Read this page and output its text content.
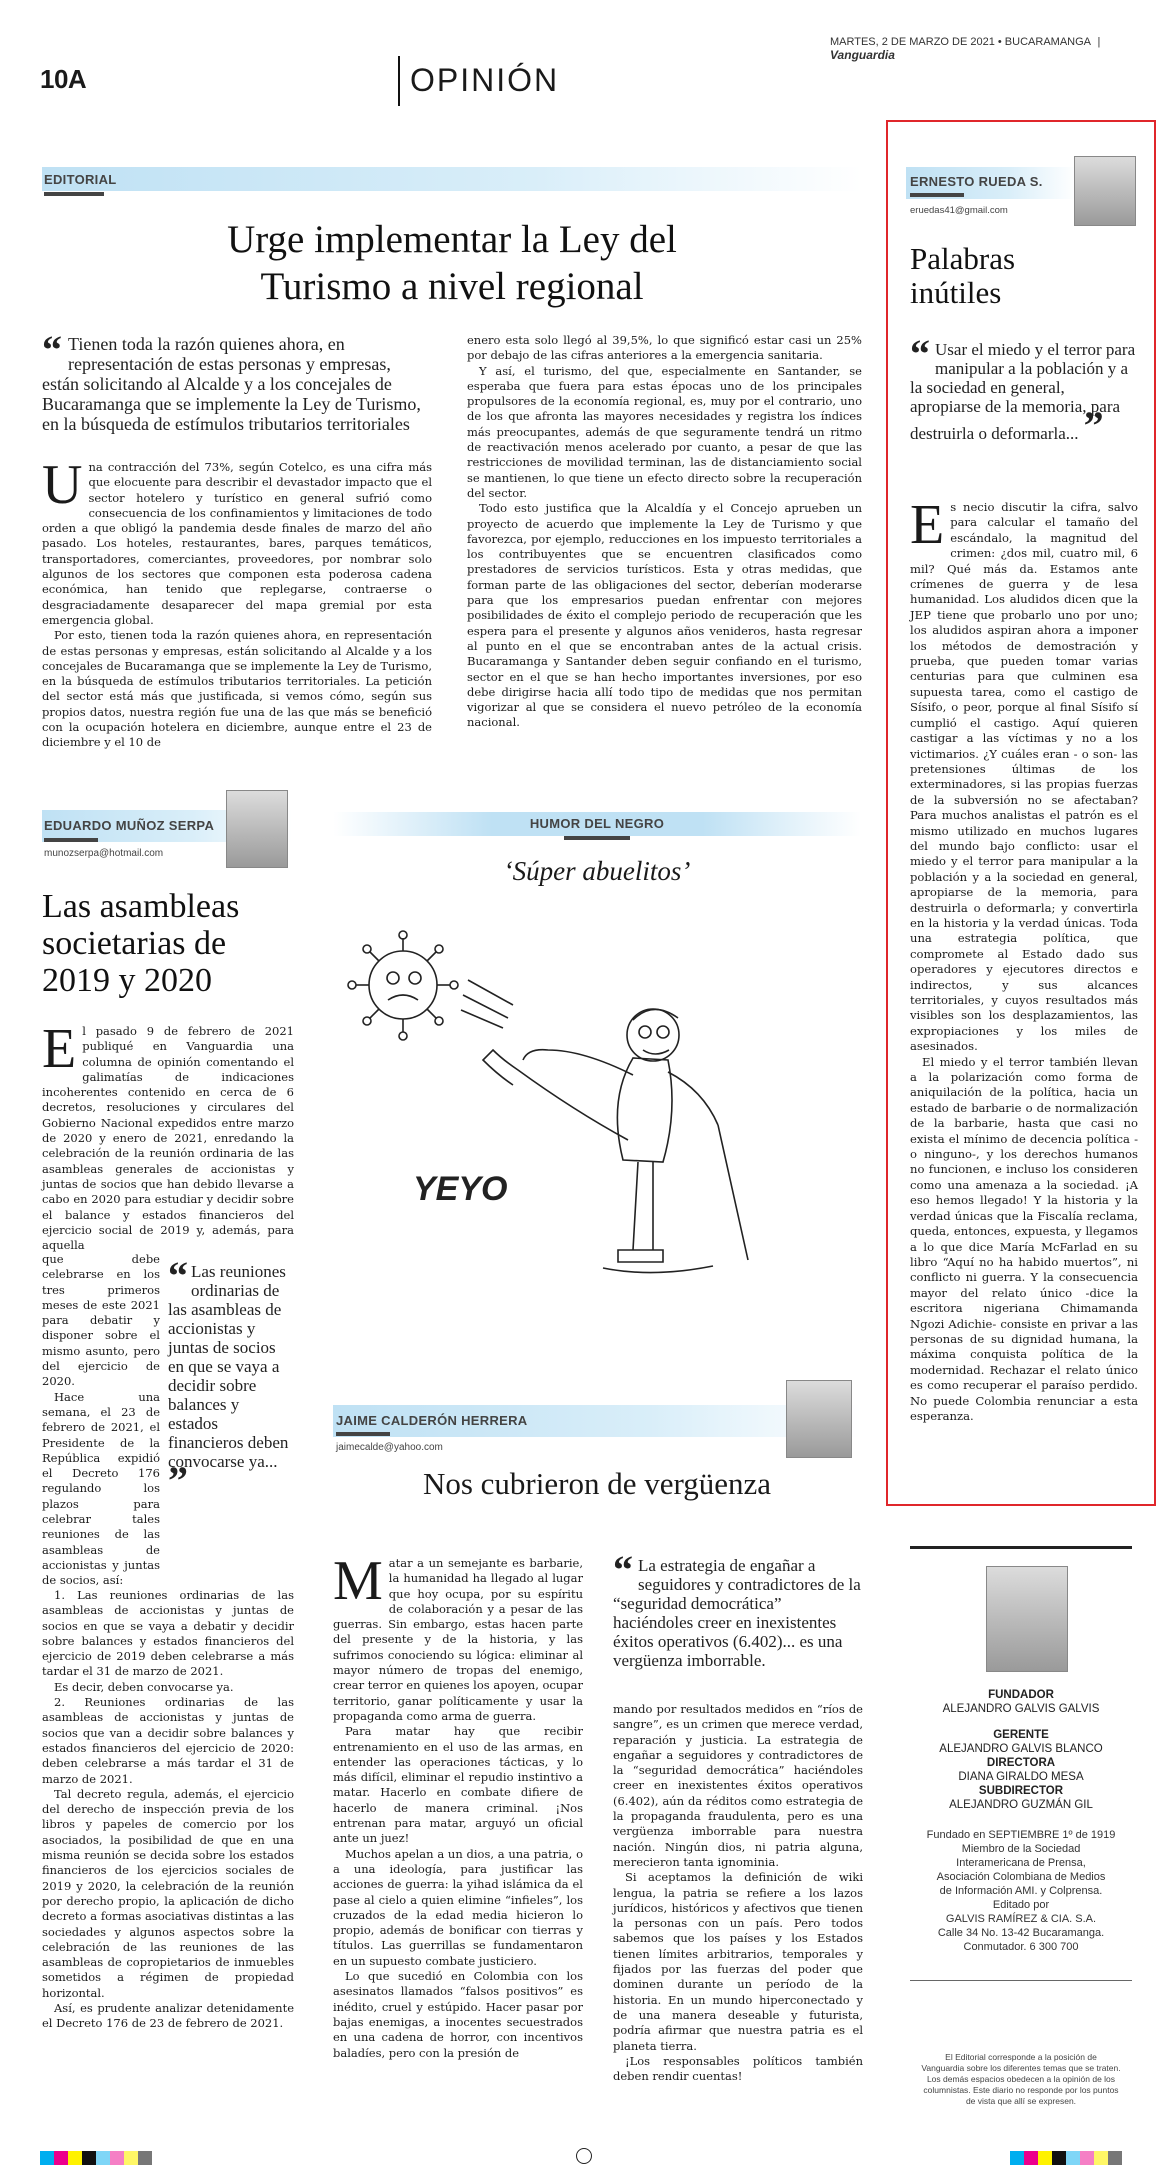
MARTES, 2 DE MARZO DE 2021 • BUCARAMANGA | Vanguardia
10A	OPINIÓN
EDITORIAL
Urge implementar la Ley del
Turismo a nivel regional
“ Tienen toda la razón quienes ahora, en representación de estas personas y empresas, están solicitando al Alcalde y a los concejales de Bucaramanga que se implemente la Ley de Turismo, en la búsqueda de estímulos tributarios territoriales

Una contracción del 73%, según Cotelco, es una cifra más que elocuente para describir el devastador impacto que el sector hotelero y turístico en general sufrió como consecuencia de los confinamientos y limitaciones de todo orden a que obligó la pandemia desde finales de marzo del año pasado. Los hoteles, restaurantes, bares, parques temáticos, transportadores, comerciantes, proveedores, por nombrar solo algunos de los sectores que componen esta poderosa cadena económica, han tenido que replegarse, contraerse o desgraciadamente desaparecer del mapa gremial por esta emergencia global.

Por esto, tienen toda la razón quienes ahora, en representación de estas personas y empresas, están solicitando al Alcalde y a los concejales de Bucaramanga que se implemente la Ley de Turismo, en la búsqueda de estímulos tributarios territoriales. La petición del sector está más que justificada, si vemos cómo, según sus propios datos, nuestra región fue una de las que más se benefició con la ocupación hotelera en diciembre, aunque entre el 23 de diciembre y el 10 de

enero esta solo llegó al 39,5%, lo que significó estar casi un 25% por debajo de las cifras anteriores a la emergencia sanitaria.

Y así, el turismo, del que, especialmente en Santander, se esperaba que fuera para estas épocas uno de los principales propulsores de la economía regional, es, muy por el contrario, uno de los que afronta las mayores necesidades y registra los índices más preocupantes, además de que seguramente tendrá un ritmo de reactivación menos acelerado por cuanto, a pesar de que las restricciones de movilidad terminan, las de distanciamiento social se mantienen, lo que tiene un efecto directo sobre la recuperación del sector.

Todo esto justifica que la Alcaldía y el Concejo aprueben un proyecto de acuerdo que implemente la Ley de Turismo y que favorezca, por ejemplo, reducciones en los impuesto territoriales a los contribuyentes que se encuentren clasificados como prestadores de servicios turísticos. Esta y otras medidas, que forman parte de las obligaciones del sector, deberían moderarse para que los empresarios puedan enfrentar con mejores posibilidades de éxito el complejo periodo de recuperación que les espera para el presente y algunos años venideros, hasta regresar al punto en el que se encontraban antes de la actual crisis. Bucaramanga y Santander deben seguir confiando en el turismo, sector en el que se han hecho importantes inversiones, por eso debe dirigirse hacia allí todo tipo de medidas que nos permitan vigorizar al que se considera el nuevo petróleo de la economía nacional.

EDUARDO MUÑOZ SERPA
munozserpa@hotmail.com
Las asambleas
societarias de
2019 y 2020

El pasado 9 de febrero de 2021 publiqué en Vanguardia una columna de opinión comentando el galimatías de indicaciones incoherentes contenido en cerca de 6 decretos, resoluciones y circulares del Gobierno Nacional expedidos entre marzo de 2020 y enero de 2021, enredando la celebración de la reunión ordinaria de las asambleas generales de accionistas y juntas de socios que han debido llevarse a cabo en 2020 para estudiar y decidir sobre el balance y estados financieros del ejercicio social de 2019 y, además, para aquella

que debe celebrarse en los tres primeros meses de este 2021 para debatir y disponer sobre el mismo asunto, pero del ejercicio de 2020.

Hace una semana, el 23 de febrero de 2021, el Presidente de la República expidió el Decreto 176 regulando los plazos para celebrar tales reuniones de las asambleas de accionistas y juntas de socios, así:

“ Las reuniones ordinarias de las asambleas de accionistas y juntas de socios en que se vaya a decidir sobre balances y estados financieros deben convocarse ya... ”

1. Las reuniones ordinarias de las asambleas de accionistas y juntas de socios en que se vaya a debatir y decidir sobre balances y estados financieros del ejercicio de 2019 deben celebrarse a más tardar el 31 de marzo de 2021.

Es decir, deben convocarse ya.

2. Reuniones ordinarias de las asambleas de accionistas y juntas de socios que van a decidir sobre balances y estados financieros del ejercicio de 2020: deben celebrarse a más tardar el 31 de marzo de 2021.

Tal decreto regula, además, el ejercicio del derecho de inspección previa de los libros y papeles de comercio por los asociados, la posibilidad de que en una misma reunión se decida sobre los estados financieros de los ejercicios sociales de 2019 y 2020, la celebración de la reunión por derecho propio, la aplicación de dicho decreto a formas asociativas distintas a las sociedades y algunos aspectos sobre la celebración de las reuniones de las asambleas de copropietarios de inmuebles sometidos a régimen de propiedad horizontal.

Así, es prudente analizar detenidamente el Decreto 176 de 23 de febrero de 2021.

HUMOR DEL NEGRO
‘Súper abuelitos’
YEYO
JAIME CALDERÓN HERRERA
jaimecalde@yahoo.com
Nos cubrieron de vergüenza

Matar a un semejante es barbarie, la humanidad ha llegado al lugar que hoy ocupa, por su espíritu de colaboración y a pesar de las guerras. Sin embargo, estas hacen parte del presente y de la historia, y las sufrimos conociendo su lógica: eliminar al mayor número de tropas del enemigo, crear terror en quienes los apoyen, ocupar territorio, ganar políticamente y usar la propaganda como arma de guerra.

Para matar hay que recibir entrenamiento en el uso de las armas, en entender las operaciones tácticas, y lo más difícil, eliminar el repudio instintivo a matar. Hacerlo en combate difiere de hacerlo de manera criminal. ¡Nos entrenan para matar, arguyó un oficial ante un juez!

Muchos apelan a un dios, a una patria, o a una ideología, para justificar las acciones de guerra: la yihad islámica da el pase al cielo a quien elimine “infieles”, los cruzados de la edad media hicieron lo propio, además de bonificar con tierras y títulos. Las guerrillas se fundamentaron en un supuesto combate justiciero.

Lo que sucedió en Colombia con los asesinatos llamados “falsos positivos” es inédito, cruel y estúpido. Hacer pasar por bajas enemigas, a inocentes secuestrados en una cadena de horror, con incentivos baladíes, pero con la presión de

“ La estrategia de engañar a seguidores y contradictores de la “seguridad democrática” haciéndoles creer en inexistentes éxitos operativos (6.402)... es una vergüenza imborrable.

mando por resultados medidos en “ríos de sangre”, es un crimen que merece verdad, reparación y justicia. La estrategia de engañar a seguidores y contradictores de la “seguridad democrática” haciéndoles creer en inexistentes éxitos operativos (6.402), aún da réditos como estrategia de la propaganda fraudulenta, pero es una vergüenza imborrable para nuestra nación. Ningún dios, ni patria alguna, merecieron tanta ignominia.

Si aceptamos la definición de wiki lengua, la patria se refiere a los lazos jurídicos, históricos y afectivos que tienen la personas con un país. Pero todos sabemos que los países y los Estados tienen límites arbitrarios, temporales y fijados por las fuerzas del poder que dominen durante un período de la historia. En un mundo hiperconectado y de una manera deseable y futurista, podría afirmar que nuestra patria es el planeta tierra.

¡Los responsables políticos también deben rendir cuentas!

ERNESTO RUEDA S.
eruedas41@gmail.com
Palabras
inútiles
“ Usar el miedo y el terror para manipular a la población y a la sociedad en general, apropiarse de la memoria, para destruirla o deformarla... ”

Es necio discutir la cifra, salvo para calcular el tamaño del escándalo, la magnitud del crimen: ¿dos mil, cuatro mil, 6 mil? Qué más da. Estamos ante crímenes de guerra y de lesa humanidad. Los aludidos dicen que la JEP tiene que probarlo uno por uno; los aludidos aspiran ahora a imponer los métodos de demostración y prueba, que pueden tomar varias centurias para que culminen esa supuesta tarea, como el castigo de Sísifo, o peor, porque al final Sísifo sí cumplió el castigo. Aquí quieren castigar a las víctimas y no a los victimarios. ¿Y cuáles eran - o son- las pretensiones últimas de los exterminadores, si las propias fuerzas de la subversión no se afectaban? Para muchos analistas el patrón es el mismo utilizado en muchos lugares del mundo bajo conflicto: usar el miedo y el terror para manipular a la población y a la sociedad en general, apropiarse de la memoria, para destruirla o deformarla; y convertirla en la historia y la verdad únicas. Toda una estrategia política, que compromete al Estado dado sus operadores y ejecutores directos e indirectos, y sus alcances territoriales, y cuyos resultados más visibles son los desplazamientos, las expropiaciones y los miles de asesinados.

El miedo y el terror también llevan a la polarización como forma de aniquilación de la política, hacia un estado de barbarie o de normalización de la barbarie, hasta que casi no exista el mínimo de decencia política -o ninguno-, y los derechos humanos no funcionen, e incluso los consideren como una amenaza a la sociedad. ¡A eso hemos llegado! Y la historia y la verdad únicas que la Fiscalía reclama, queda, entonces, expuesta, y llegamos a lo que dice María McFarlad en su libro “Aquí no ha habido muertos”, ni conflicto ni guerra. Y la consecuencia mayor del relato único -dice la escritora nigeriana Chimamanda Ngozi Adichie- consiste en privar a las personas de su dignidad humana, la máxima conquista política de la modernidad. Rechazar el relato único es como recuperar el paraíso perdido. No puede Colombia renunciar a esta esperanza.

FUNDADOR
ALEJANDRO GALVIS GALVIS
GERENTE
ALEJANDRO GALVIS BLANCO
DIRECTORA
DIANA GIRALDO MESA
SUBDIRECTOR
ALEJANDRO GUZMÁN GIL
Fundado en SEPTIEMBRE 1º de 1919
Miembro de la Sociedad
Interamericana de Prensa,
Asociación Colombiana de Medios
de Información AMI. y Colprensa.
Editado por
GALVIS RAMÍREZ & CIA. S.A.
Calle 34 No. 13-42 Bucaramanga.
Conmutador. 6 300 700
El Editorial corresponde a la posición de
Vanguardia sobre los diferentes temas que se traten.
Los demás espacios obedecen a la opinión de los
columnistas. Este diario no responde por los puntos
de vista que allí se expresen.
